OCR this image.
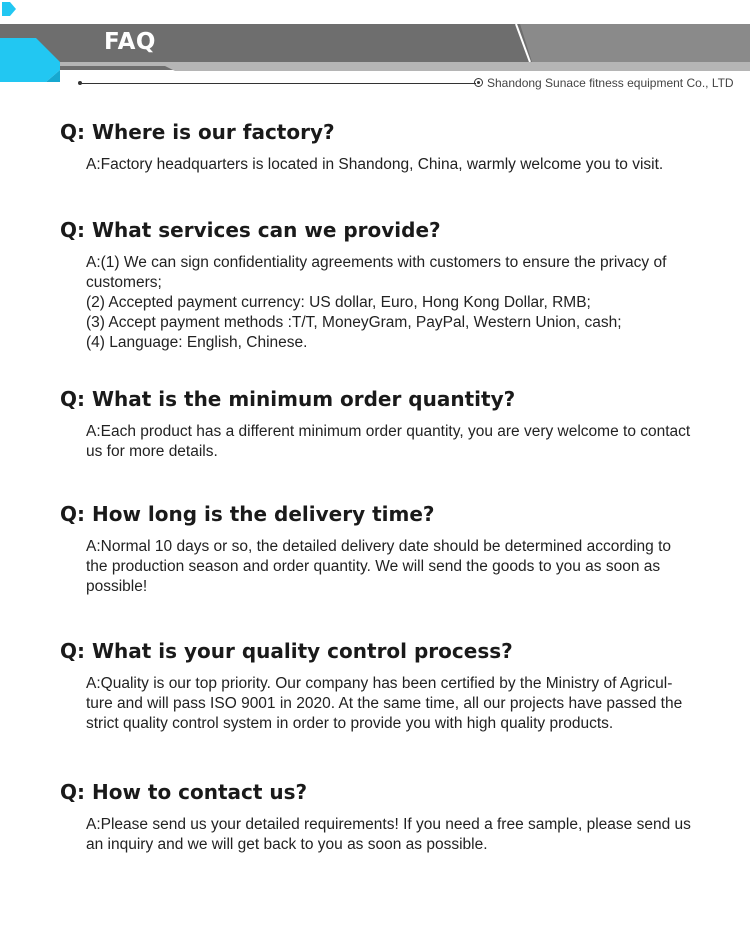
FAQ
Shandong Sunace fitness equipment Co., LTD
Q: Where is our factory?
A:Factory headquarters is located in Shandong, China, warmly welcome you to visit.
Q: What services can we provide?
A:(1) We can sign confidentiality agreements with customers to ensure the privacy of
customers;
(2) Accepted payment currency: US dollar, Euro, Hong Kong Dollar, RMB;
(3) Accept payment methods :T/T, MoneyGram, PayPal, Western Union, cash;
(4) Language: English, Chinese.
Q: What is the minimum order quantity?
A:Each product has a different minimum order quantity, you are very welcome to contact
us for more details.
Q: How long is the delivery time?
A:Normal 10 days or so, the detailed delivery date should be determined according to
the production season and order quantity. We will send the goods to you as soon as
possible!
Q: What is your quality control process?
A:Quality is our top priority. Our company has been certified by the Ministry of Agricul-
ture and will pass ISO 9001 in 2020. At the same time, all our projects have passed the
strict quality control system in order to provide you with high quality products.
Q: How to contact us?
A:Please send us your detailed requirements! If you need a free sample, please send us
an inquiry and we will get back to you as soon as possible.
